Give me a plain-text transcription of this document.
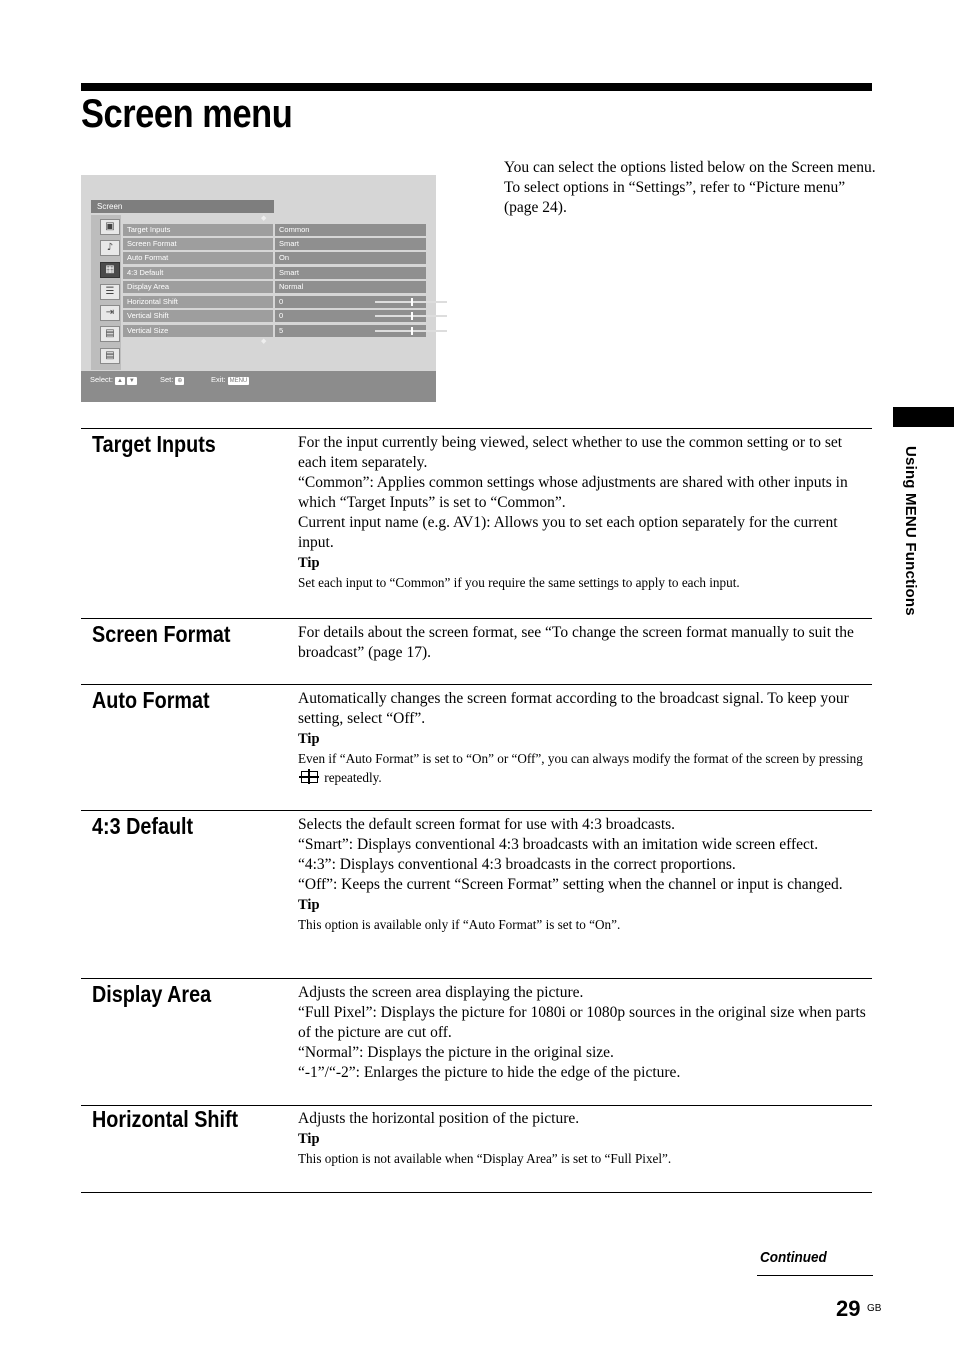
Screen menu
You can select the options listed below on the Screen menu. To select options in “Settings”, refer to “Picture menu” (page 24).
Screen
▣
♪
▦
☰
⇥
▤
▤
◆
Target Inputs	Common
Screen Format	Smart
Auto Format	On
4:3 Default	Smart
Display Area	Normal
Horizontal Shift	0
Vertical Shift	0
Vertical Size	5
◆
Select: ▲ ▼	Set: ⊕	Exit: MENU
Using MENU Functions
Target Inputs	For the input currently being viewed, select whether to use the common setting or to set each item separately.

“Common”: Applies common settings whose adjustments are shared with other inputs in which “Target Inputs” is set to “Common”.

Current input name (e.g. AV1): Allows you to set each option separately for the current input.

Tip

Set each input to “Common” if you require the same settings to apply to each input.

Screen Format	For details about the screen format, see “To change the screen format manually to suit the broadcast” (page 17).

Auto Format	Automatically changes the screen format according to the broadcast signal. To keep your setting, select “Off”.

Tip

Even if “Auto Format” is set to “On” or “Off”, you can always modify the format of the screen by pressing  repeatedly.

4:3 Default	Selects the default screen format for use with 4:3 broadcasts.

“Smart”: Displays conventional 4:3 broadcasts with an imitation wide screen effect.

“4:3”: Displays conventional 4:3 broadcasts in the correct proportions.

“Off”: Keeps the current “Screen Format” setting when the channel or input is changed.

Tip

This option is available only if “Auto Format” is set to “On”.

Display Area	Adjusts the screen area displaying the picture.

“Full Pixel”: Displays the picture for 1080i or 1080p sources in the original size when parts of the picture are cut off.

“Normal”: Displays the picture in the original size.

“-1”/“-2”: Enlarges the picture to hide the edge of the picture.

Horizontal Shift	Adjusts the horizontal position of the picture.

Tip

This option is not available when “Display Area” is set to “Full Pixel”.

Continued
29 GB
